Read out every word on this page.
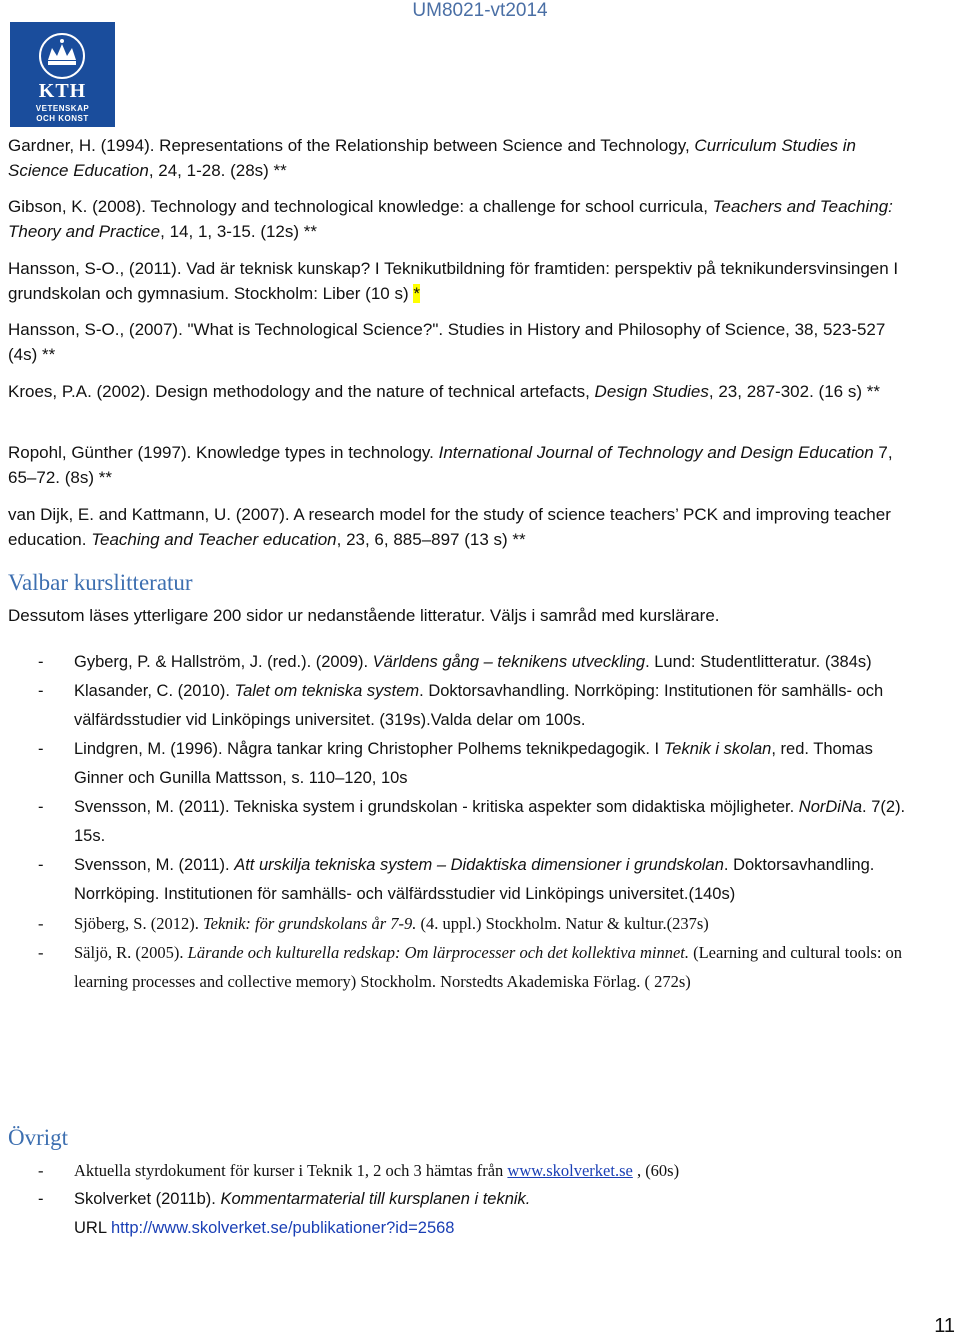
UM8021-vt2014
KTH
VETENSKAP
OCH KONST
Gardner, H. (1994). Representations of the Relationship between Science and Technology, Curriculum Studies in Science Education, 24, 1-28. (28s) **
Gibson, K. (2008). Technology and technological knowledge: a challenge for school curricula, Teachers and Teaching: Theory and Practice, 14, 1, 3-15. (12s) **
Hansson, S-O., (2011). Vad är teknisk kunskap? I Teknikutbildning för framtiden: perspektiv på teknikundersvinsingen I grundskolan och gymnasium. Stockholm: Liber (10 s) *
Hansson, S-O., (2007). "What is Technological Science?". Studies in History and Philosophy of Science, 38, 523-527 (4s) **
Kroes, P.A. (2002). Design methodology and the nature of technical artefacts, Design Studies, 23, 287-302. (16 s) **
Ropohl, Günther (1997). Knowledge types in technology. International Journal of Technology and Design Education 7, 65–72. (8s) **
van Dijk, E. and Kattmann, U. (2007). A research model for the study of science teachers’ PCK and improving teacher education. Teaching and Teacher education, 23, 6, 885–897 (13 s) **
Valbar kurslitteratur
Dessutom läses ytterligare 200 sidor ur nedanstående litteratur. Väljs i samråd med kurslärare.
- Gyberg, P. & Hallström, J. (red.). (2009). Världens gång – teknikens utveckling. Lund: Studentlitteratur. (384s)
- Klasander, C. (2010). Talet om tekniska system. Doktorsavhandling. Norrköping: Institutionen för samhälls- och välfärdsstudier vid Linköpings universitet. (319s).Valda delar om 100s.
- Lindgren, M. (1996). Några tankar kring Christopher Polhems teknikpedagogik. I Teknik i skolan, red. Thomas Ginner och Gunilla Mattsson, s. 110–120, 10s
- Svensson, M. (2011). Tekniska system i grundskolan - kritiska aspekter som didaktiska möjligheter. NorDiNa. 7(2). 15s.
- Svensson, M. (2011). Att urskilja tekniska system – Didaktiska dimensioner i grundskolan. Doktorsavhandling. Norrköping. Institutionen för samhälls- och välfärdsstudier vid Linköpings universitet.(140s)
- Sjöberg, S. (2012). Teknik: för grundskolans år 7-9. (4. uppl.) Stockholm. Natur & kultur.(237s)
- Säljö, R. (2005). Lärande och kulturella redskap: Om lärprocesser och det kollektiva minnet. (Learning and cultural tools: on learning processes and collective memory) Stockholm. Norstedts Akademiska Förlag. ( 272s)
Övrigt
- Aktuella styrdokument för kurser i Teknik 1, 2 och 3 hämtas från www.skolverket.se , (60s)
- Skolverket (2011b). Kommentarmaterial till kursplanen i teknik.
URL http://www.skolverket.se/publikationer?id=2568
11
